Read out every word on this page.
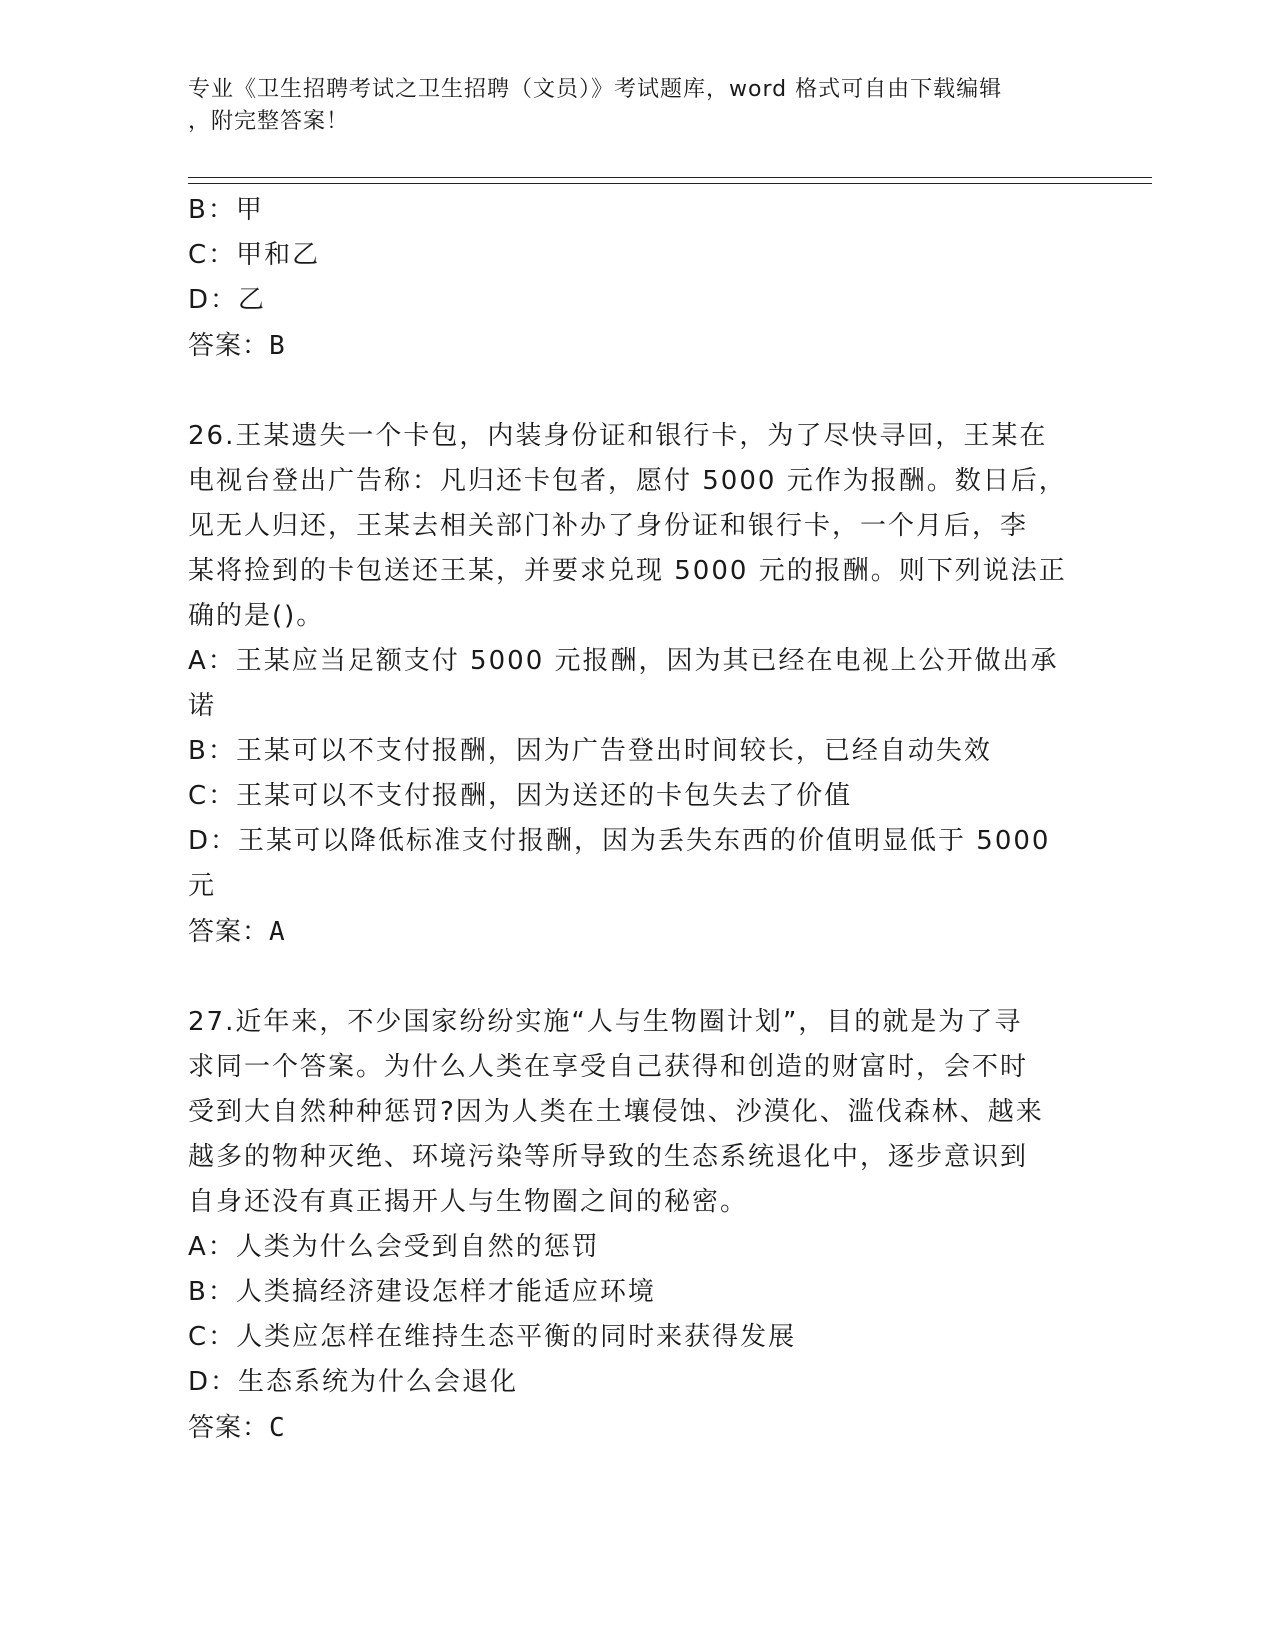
专业《卫生招聘考试之卫生招聘（文员）》考试题库，word 格式可自由下载编辑
，附完整答案！
B：甲
C：甲和乙
D：乙
答案：B
26.王某遗失一个卡包，内装身份证和银行卡，为了尽快寻回，王某在
电视台登出广告称：凡归还卡包者，愿付 5000 元作为报酬。数日后，
见无人归还，王某去相关部门补办了身份证和银行卡，一个月后，李
某将捡到的卡包送还王某，并要求兑现 5000 元的报酬。则下列说法正
确的是()。
A：王某应当足额支付 5000 元报酬，因为其已经在电视上公开做出承
诺
B：王某可以不支付报酬，因为广告登出时间较长，已经自动失效
C：王某可以不支付报酬，因为送还的卡包失去了价值
D：王某可以降低标准支付报酬，因为丢失东西的价值明显低于 5000
元
答案：A
27.近年来，不少国家纷纷实施“人与生物圈计划”，目的就是为了寻
求同一个答案。为什么人类在享受自己获得和创造的财富时，会不时
受到大自然种种惩罚?因为人类在土壤侵蚀、沙漠化、滥伐森林、越来
越多的物种灭绝、环境污染等所导致的生态系统退化中，逐步意识到
自身还没有真正揭开人与生物圈之间的秘密。
A：人类为什么会受到自然的惩罚
B：人类搞经济建设怎样才能适应环境
C：人类应怎样在维持生态平衡的同时来获得发展
D：生态系统为什么会退化
答案：C
